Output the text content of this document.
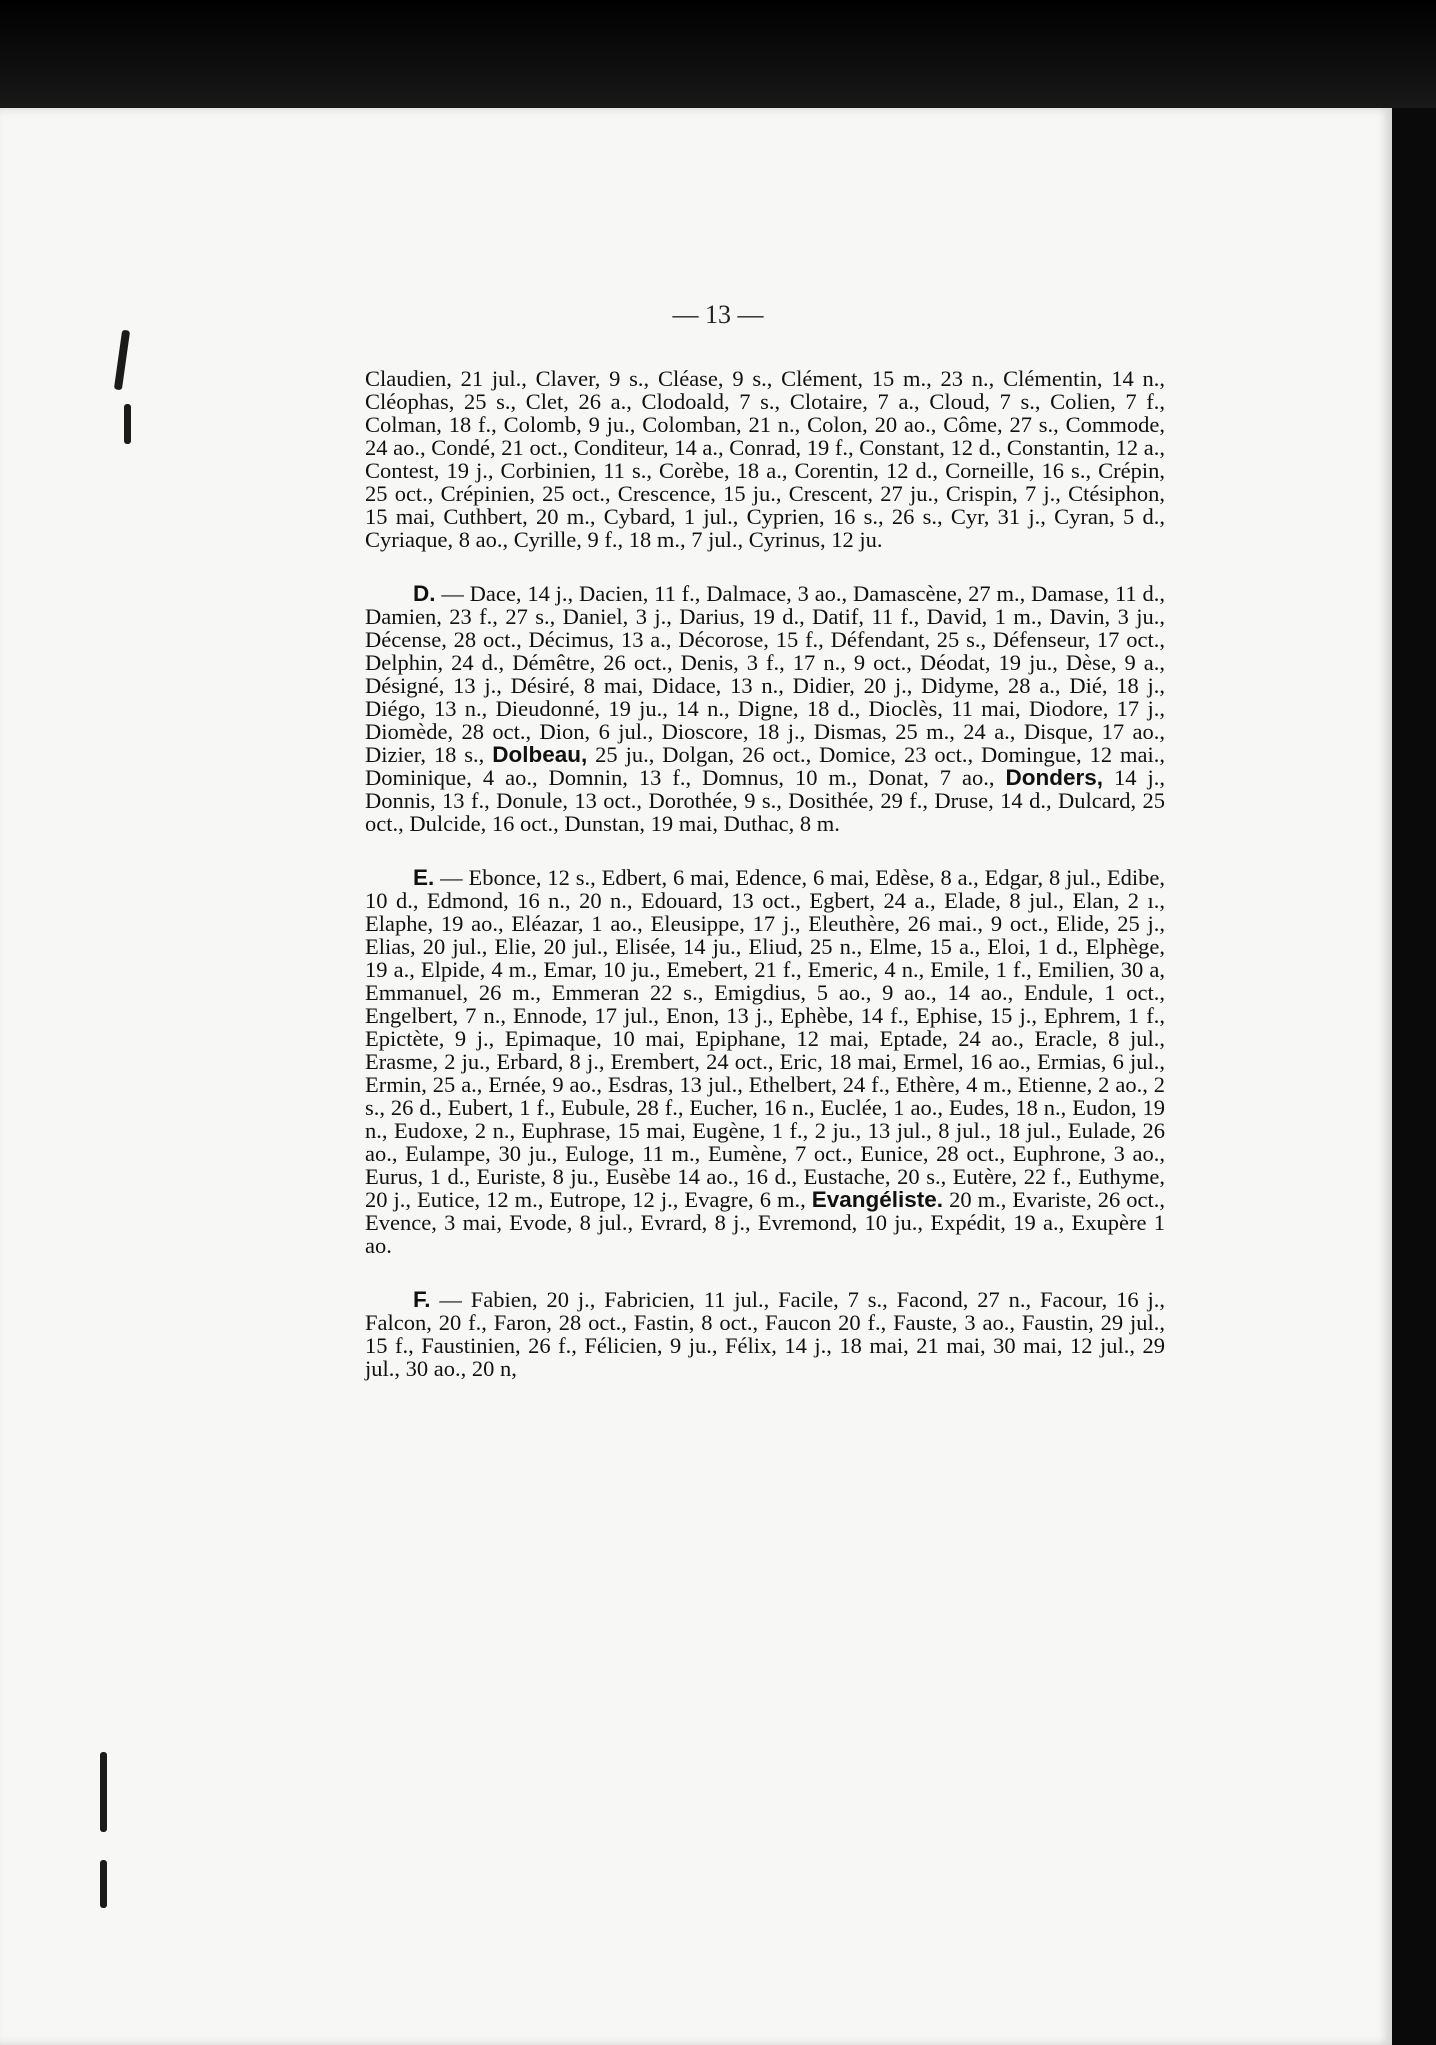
— 13 —

Claudien, 21 jul., Claver, 9 s., Cléase, 9 s., Clément, 15 m., 23 n., Clémentin, 14 n., Cléophas, 25 s., Clet, 26 a., Clodoald, 7 s., Clotaire, 7 a., Cloud, 7 s., Colien, 7 f., Colman, 18 f., Colomb, 9 ju., Colomban, 21 n., Colon, 20 ao., Côme, 27 s., Commode, 24 ao., Condé, 21 oct., Conditeur, 14 a., Conrad, 19 f., Constant, 12 d., Constantin, 12 a., Contest, 19 j., Corbinien, 11 s., Corèbe, 18 a., Corentin, 12 d., Corneille, 16 s., Crépin, 25 oct., Crépinien, 25 oct., Crescence, 15 ju., Crescent, 27 ju., Crispin, 7 j., Ctésiphon, 15 mai, Cuthbert, 20 m., Cybard, 1 jul., Cyprien, 16 s., 26 s., Cyr, 31 j., Cyran, 5 d., Cyriaque, 8 ao., Cyrille, 9 f., 18 m., 7 jul., Cyrinus, 12 ju.

D. — Dace, 14 j., Dacien, 11 f., Dalmace, 3 ao., Damascène, 27 m., Damase, 11 d., Damien, 23 f., 27 s., Daniel, 3 j., Darius, 19 d., Datif, 11 f., David, 1 m., Davin, 3 ju., Décense, 28 oct., Décimus, 13 a., Décorose, 15 f., Défendant, 25 s., Défenseur, 17 oct., Delphin, 24 d., Démêtre, 26 oct., Denis, 3 f., 17 n., 9 oct., Déodat, 19 ju., Dèse, 9 a., Désigné, 13 j., Désiré, 8 mai, Didace, 13 n., Didier, 20 j., Didyme, 28 a., Dié, 18 j., Diégo, 13 n., Dieudonné, 19 ju., 14 n., Digne, 18 d., Dioclès, 11 mai, Diodore, 17 j., Diomède, 28 oct., Dion, 6 jul., Dioscore, 18 j., Dismas, 25 m., 24 a., Disque, 17 ao., Dizier, 18 s., Dolbeau, 25 ju., Dolgan, 26 oct., Domice, 23 oct., Domingue, 12 mai., Dominique, 4 ao., Domnin, 13 f., Domnus, 10 m., Donat, 7 ao., Donders, 14 j., Donnis, 13 f., Donule, 13 oct., Dorothée, 9 s., Dosithée, 29 f., Druse, 14 d., Dulcard, 25 oct., Dulcide, 16 oct., Dunstan, 19 mai, Duthac, 8 m.

E. — Ebonce, 12 s., Edbert, 6 mai, Edence, 6 mai, Edèse, 8 a., Edgar, 8 jul., Edibe, 10 d., Edmond, 16 n., 20 n., Edouard, 13 oct., Egbert, 24 a., Elade, 8 jul., Elan, 2 ı., Elaphe, 19 ao., Eléazar, 1 ao., Eleusippe, 17 j., Eleuthère, 26 mai., 9 oct., Elide, 25 j., Elias, 20 jul., Elie, 20 jul., Elisée, 14 ju., Eliud, 25 n., Elme, 15 a., Eloi, 1 d., Elphège, 19 a., Elpide, 4 m., Emar, 10 ju., Emebert, 21 f., Emeric, 4 n., Emile, 1 f., Emilien, 30 a, Emmanuel, 26 m., Emmeran 22 s., Emigdius, 5 ao., 9 ao., 14 ao., Endule, 1 oct., Engelbert, 7 n., Ennode, 17 jul., Enon, 13 j., Ephèbe, 14 f., Ephise, 15 j., Ephrem, 1 f., Epictète, 9 j., Epimaque, 10 mai, Epiphane, 12 mai, Eptade, 24 ao., Eracle, 8 jul., Erasme, 2 ju., Erbard, 8 j., Erembert, 24 oct., Eric, 18 mai, Ermel, 16 ao., Ermias, 6 jul., Ermin, 25 a., Ernée, 9 ao., Esdras, 13 jul., Ethelbert, 24 f., Ethère, 4 m., Etienne, 2 ao., 2 s., 26 d., Eubert, 1 f., Eubule, 28 f., Eucher, 16 n., Euclée, 1 ao., Eudes, 18 n., Eudon, 19 n., Eudoxe, 2 n., Euphrase, 15 mai, Eugène, 1 f., 2 ju., 13 jul., 8 jul., 18 jul., Eulade, 26 ao., Eulampe, 30 ju., Euloge, 11 m., Eumène, 7 oct., Eunice, 28 oct., Euphrone, 3 ao., Eurus, 1 d., Euriste, 8 ju., Eusèbe 14 ao., 16 d., Eustache, 20 s., Eutère, 22 f., Euthyme, 20 j., Eutice, 12 m., Eutrope, 12 j., Evagre, 6 m., Evangéliste. 20 m., Evariste, 26 oct., Evence, 3 mai, Evode, 8 jul., Evrard, 8 j., Evremond, 10 ju., Expédit, 19 a., Exupère 1 ao.

F. — Fabien, 20 j., Fabricien, 11 jul., Facile, 7 s., Facond, 27 n., Facour, 16 j., Falcon, 20 f., Faron, 28 oct., Fastin, 8 oct., Faucon 20 f., Fauste, 3 ao., Faustin, 29 jul., 15 f., Faustinien, 26 f., Félicien, 9 ju., Félix, 14 j., 18 mai, 21 mai, 30 mai, 12 jul., 29 jul., 30 ao., 20 n,
